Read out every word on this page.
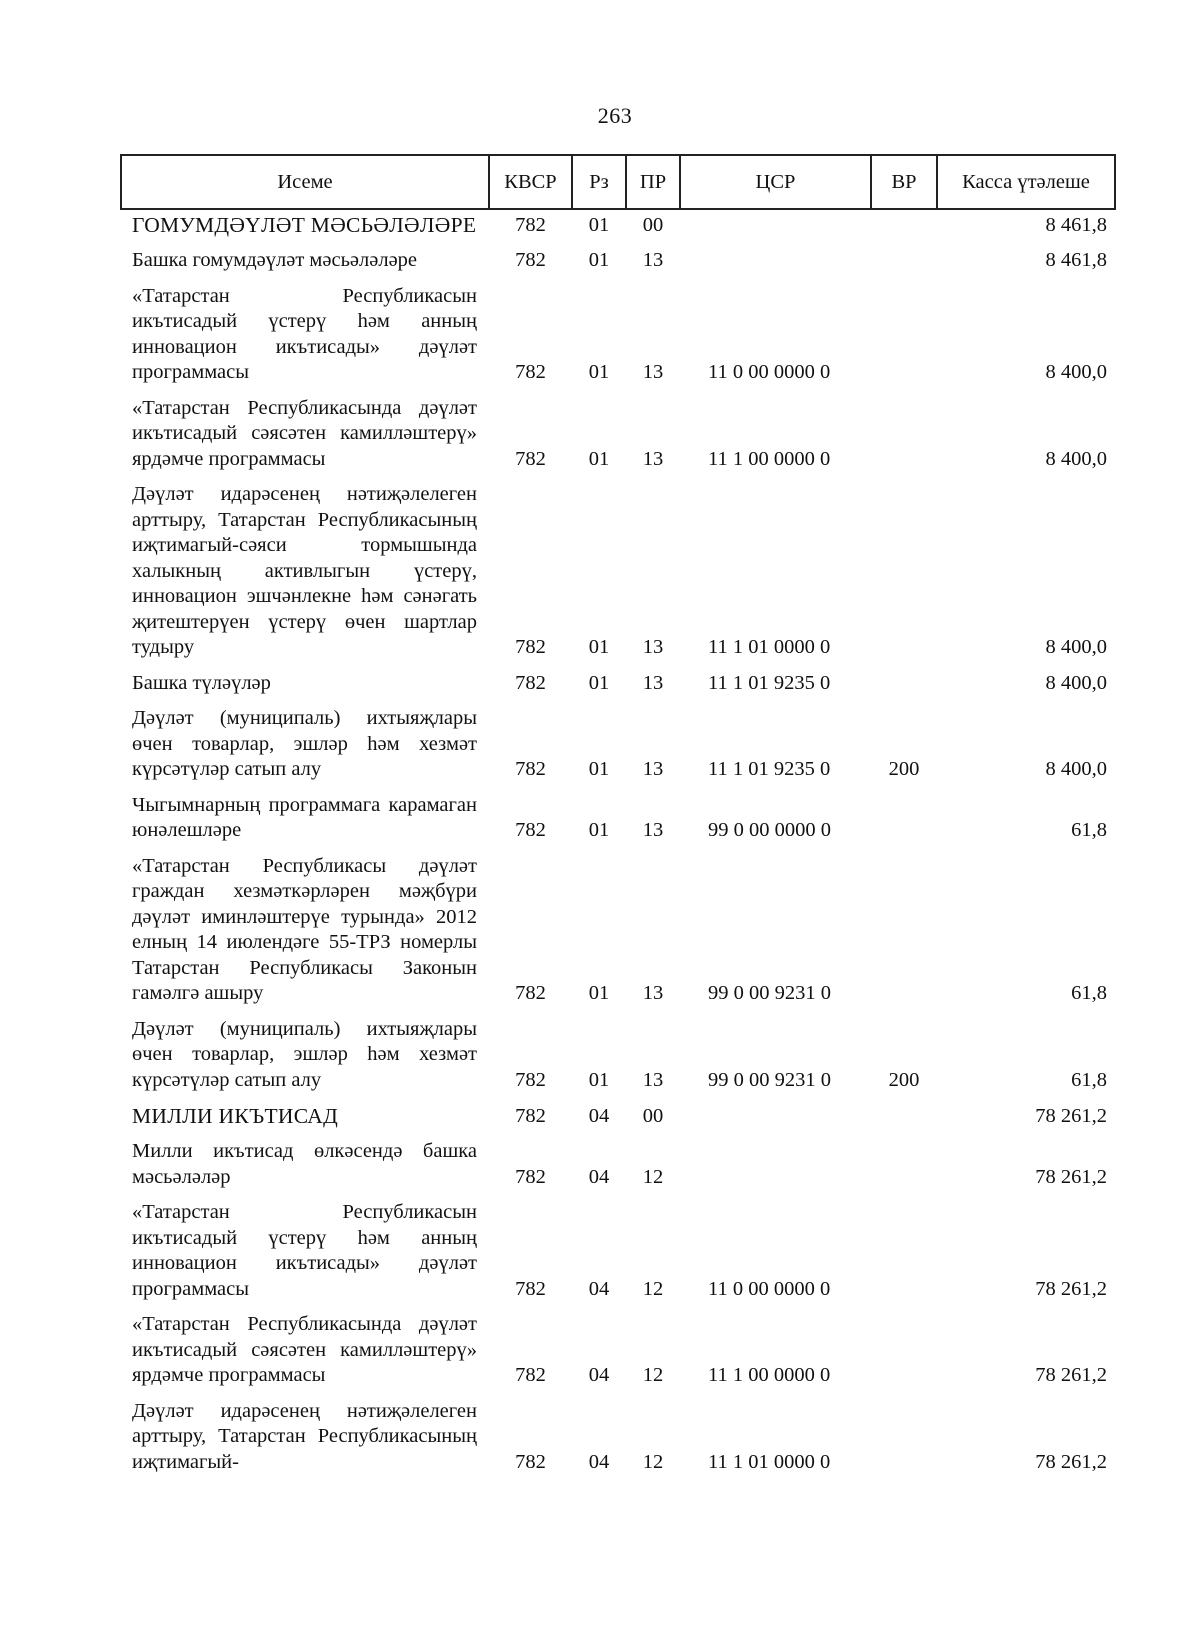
263
Исеме	КВСР	Рз	ПР	ЦСР	ВР	Касса үтәлеше
ГОМУМДӘҮЛӘТ МӘСЬӘЛӘЛӘРЕ	782	01	00			8 461,8
Башка гомумдәүләт мәсьәләләре	782	01	13			8 461,8
«Татарстан Республикасын икътисадый үстерү һәм анның инновацион икътисады» дәүләт программасы	782	01	13	11 0 00 0000 0		8 400,0
«Татарстан Республикасында дәүләт икътисадый сәясәтен камилләштерү» ярдәмче программасы	782	01	13	11 1 00 0000 0		8 400,0
Дәүләт идарәсенең нәтиҗәлелеген арттыру, Татарстан Республикасының иҗтимагый-сәяси тормышында халыкның активлыгын үстерү, инновацион эшчәнлекне һәм сәнәгать җитештерүен үстерү өчен шартлар тудыру	782	01	13	11 1 01 0000 0		8 400,0
Башка түләүләр	782	01	13	11 1 01 9235 0		8 400,0
Дәүләт (муниципаль) ихтыяҗлары өчен товарлар, эшләр һәм хезмәт күрсәтүләр сатып алу	782	01	13	11 1 01 9235 0	200	8 400,0
Чыгымнарның программага карамаган юнәлешләре	782	01	13	99 0 00 0000 0		61,8
«Татарстан Республикасы дәүләт граждан хезмәткәрләрен мәҗбүри дәүләт иминләштерүе турында» 2012 елның 14 июлендәге 55-ТРЗ номерлы Татарстан Республикасы Законын гамәлгә ашыру	782	01	13	99 0 00 9231 0		61,8
Дәүләт (муниципаль) ихтыяҗлары өчен товарлар, эшләр һәм хезмәт күрсәтүләр сатып алу	782	01	13	99 0 00 9231 0	200	61,8
МИЛЛИ ИКЪТИСАД	782	04	00			78 261,2
Милли икътисад өлкәсендә башка мәсьәләләр	782	04	12			78 261,2
«Татарстан Республикасын икътисадый үстерү һәм анның инновацион икътисады» дәүләт программасы	782	04	12	11 0 00 0000 0		78 261,2
«Татарстан Республикасында дәүләт икътисадый сәясәтен камилләштерү» ярдәмче программасы	782	04	12	11 1 00 0000 0		78 261,2
Дәүләт идарәсенең нәтиҗәлелеген арттыру, Татарстан Республикасының иҗтимагый-	782	04	12	11 1 01 0000 0		78 261,2
